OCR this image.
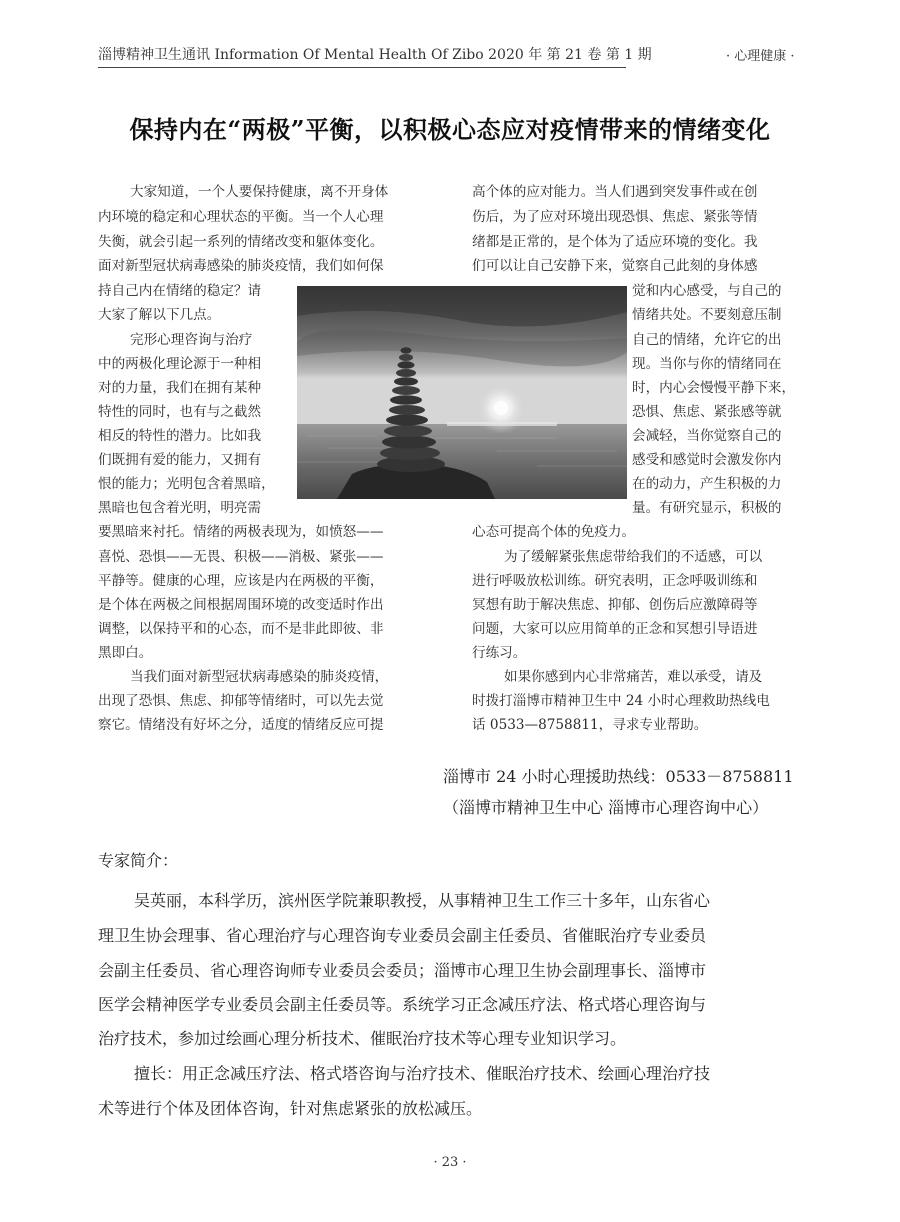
淄博精神卫生通讯 Information Of Mental Health Of Zibo 2020 年 第 21 卷 第 1 期	· 心理健康 ·
保持内在“两极”平衡，以积极心态应对疫情带来的情绪变化
大家知道，一个人要保持健康，离不开身体
内环境的稳定和心理状态的平衡。当一个人心理
失衡，就会引起一系列的情绪改变和躯体变化。
面对新型冠状病毒感染的肺炎疫情，我们如何保
持自己内在情绪的稳定？请
大家了解以下几点。
完形心理咨询与治疗
中的两极化理论源于一种相
对的力量，我们在拥有某种
特性的同时，也有与之截然
相反的特性的潜力。比如我
们既拥有爱的能力，又拥有
恨的能力；光明包含着黑暗，
黑暗也包含着光明，明亮需
要黑暗来衬托。情绪的两极表现为，如愤怒——
喜悦、恐惧——无畏、积极——消极、紧张——
平静等。健康的心理，应该是内在两极的平衡，
是个体在两极之间根据周围环境的改变适时作出
调整，以保持平和的心态，而不是非此即彼、非
黑即白。
当我们面对新型冠状病毒感染的肺炎疫情，
出现了恐惧、焦虑、抑郁等情绪时，可以先去觉
察它。情绪没有好坏之分，适度的情绪反应可提
高个体的应对能力。当人们遇到突发事件或在创
伤后，为了应对环境出现恐惧、焦虑、紧张等情
绪都是正常的，是个体为了适应环境的变化。我
们可以让自己安静下来，觉察自己此刻的身体感
觉和内心感受，与自己的
情绪共处。不要刻意压制
自己的情绪，允许它的出
现。当你与你的情绪同在
时，内心会慢慢平静下来，
恐惧、焦虑、紧张感等就
会减轻，当你觉察自己的
感受和感觉时会激发你内
在的动力，产生积极的力
量。有研究显示，积极的
心态可提高个体的免疫力。
为了缓解紧张焦虑带给我们的不适感，可以
进行呼吸放松训练。研究表明，正念呼吸训练和
冥想有助于解决焦虑、抑郁、创伤后应激障碍等
问题，大家可以应用简单的正念和冥想引导语进
行练习。
如果你感到内心非常痛苦，难以承受，请及
时拨打淄博市精神卫生中 24 小时心理救助热线电
话 0533—8758811，寻求专业帮助。
淄博市 24 小时心理援助热线：0533－8758811
（淄博市精神卫生中心 淄博市心理咨询中心）
专家简介：
吴英丽，本科学历，滨州医学院兼职教授，从事精神卫生工作三十多年，山东省心
理卫生协会理事、省心理治疗与心理咨询专业委员会副主任委员、省催眠治疗专业委员
会副主任委员、省心理咨询师专业委员会委员；淄博市心理卫生协会副理事长、淄博市
医学会精神医学专业委员会副主任委员等。系统学习正念减压疗法、格式塔心理咨询与
治疗技术，参加过绘画心理分析技术、催眠治疗技术等心理专业知识学习。
擅长：用正念减压疗法、格式塔咨询与治疗技术、催眠治疗技术、绘画心理治疗技
术等进行个体及团体咨询，针对焦虑紧张的放松减压。
· 23 ·
